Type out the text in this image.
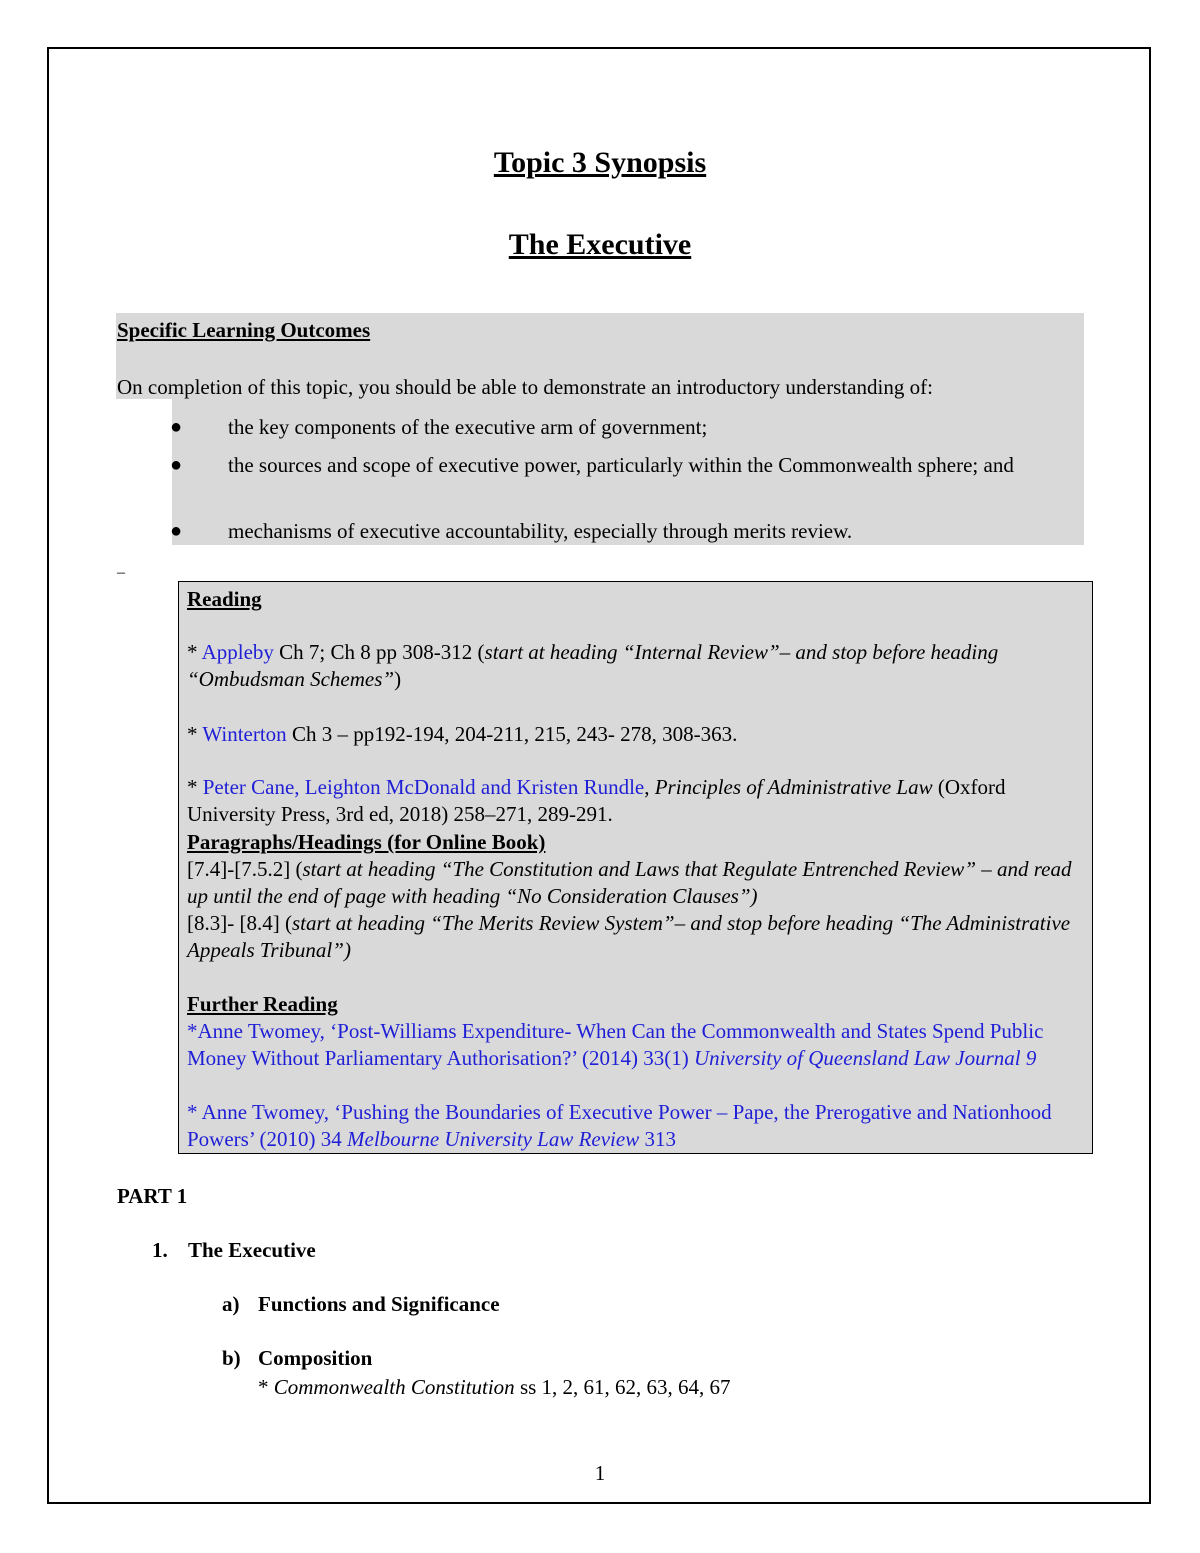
Topic 3 Synopsis
The Executive
Specific Learning Outcomes
On completion of this topic, you should be able to demonstrate an introductory understanding of:
● the key components of the executive arm of government;
● the sources and scope of executive power, particularly within the Commonwealth sphere; and
● mechanisms of executive accountability, especially through merits review.
–
Reading
* Appleby Ch 7; Ch 8 pp 308-312 (start at heading “Internal Review”– and stop before heading “Ombudsman Schemes”)
* Winterton Ch 3 – pp192-194, 204-211, 215, 243- 278, 308-363.
* Peter Cane, Leighton McDonald and Kristen Rundle, Principles of Administrative Law (Oxford University Press, 3rd ed, 2018) 258–271, 289-291.
Paragraphs/Headings (for Online Book)
[7.4]-[7.5.2] (start at heading “The Constitution and Laws that Regulate Entrenched Review” – and read up until the end of page with heading “No Consideration Clauses”)
[8.3]- [8.4] (start at heading “The Merits Review System”– and stop before heading “The Administrative Appeals Tribunal”)
Further Reading
*Anne Twomey, ‘Post-Williams Expenditure- When Can the Commonwealth and States Spend Public Money Without Parliamentary Authorisation?’ (2014) 33(1) University of Queensland Law Journal 9
* Anne Twomey, ‘Pushing the Boundaries of Executive Power – Pape, the Prerogative and Nationhood Powers’ (2010) 34 Melbourne University Law Review 313
PART 1
1. The Executive
a) Functions and Significance
b) Composition
* Commonwealth Constitution ss 1, 2, 61, 62, 63, 64, 67
1
